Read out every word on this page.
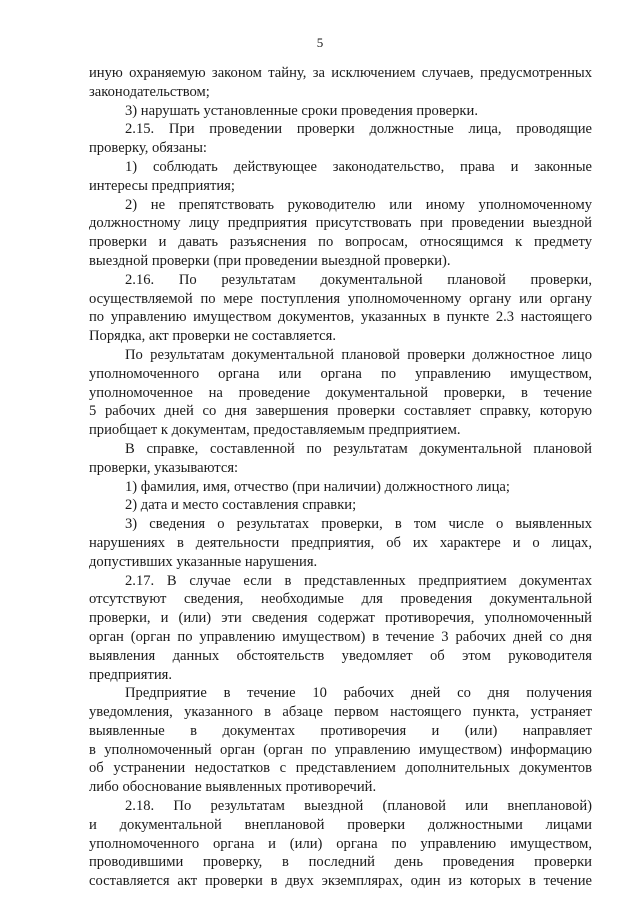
5
иную охраняемую законом тайну, за исключением случаев, предусмотренных
законодательством;
3) нарушать установленные сроки проведения проверки.
2.15. При проведении проверки должностные лица, проводящие
проверку, обязаны:
1) соблюдать действующее законодательство, права и законные
интересы предприятия;
2) не препятствовать руководителю или иному уполномоченному
должностному лицу предприятия присутствовать при проведении выездной
проверки и давать разъяснения по вопросам, относящимся к предмету
выездной проверки (при проведении выездной проверки).
2.16. По результатам документальной плановой проверки,
осуществляемой по мере поступления уполномоченному органу или органу
по управлению имуществом документов, указанных в пункте 2.3 настоящего
Порядка, акт проверки не составляется.
По результатам документальной плановой проверки должностное лицо
уполномоченного органа или органа по управлению имуществом,
уполномоченное на проведение документальной проверки, в течение
5 рабочих дней со дня завершения проверки составляет справку, которую
приобщает к документам, предоставляемым предприятием.
В справке, составленной по результатам документальной плановой
проверки, указываются:
1) фамилия, имя, отчество (при наличии) должностного лица;
2) дата и место составления справки;
3) сведения о результатах проверки, в том числе о выявленных
нарушениях в деятельности предприятия, об их характере и о лицах,
допустивших указанные нарушения.
2.17. В случае если в представленных предприятием документах
отсутствуют сведения, необходимые для проведения документальной
проверки, и (или) эти сведения содержат противоречия, уполномоченный
орган (орган по управлению имуществом) в течение 3 рабочих дней со дня
выявления данных обстоятельств уведомляет об этом руководителя
предприятия.
Предприятие в течение 10 рабочих дней со дня получения
уведомления, указанного в абзаце первом настоящего пункта, устраняет
выявленные в документах противоречия и (или) направляет
в уполномоченный орган (орган по управлению имуществом) информацию
об устранении недостатков с представлением дополнительных документов
либо обоснование выявленных противоречий.
2.18. По результатам выездной (плановой или внеплановой)
и документальной внеплановой проверки должностными лицами
уполномоченного органа и (или) органа по управлению имуществом,
проводившими проверку, в последний день проведения проверки
составляется акт проверки в двух экземплярах, один из которых в течение
